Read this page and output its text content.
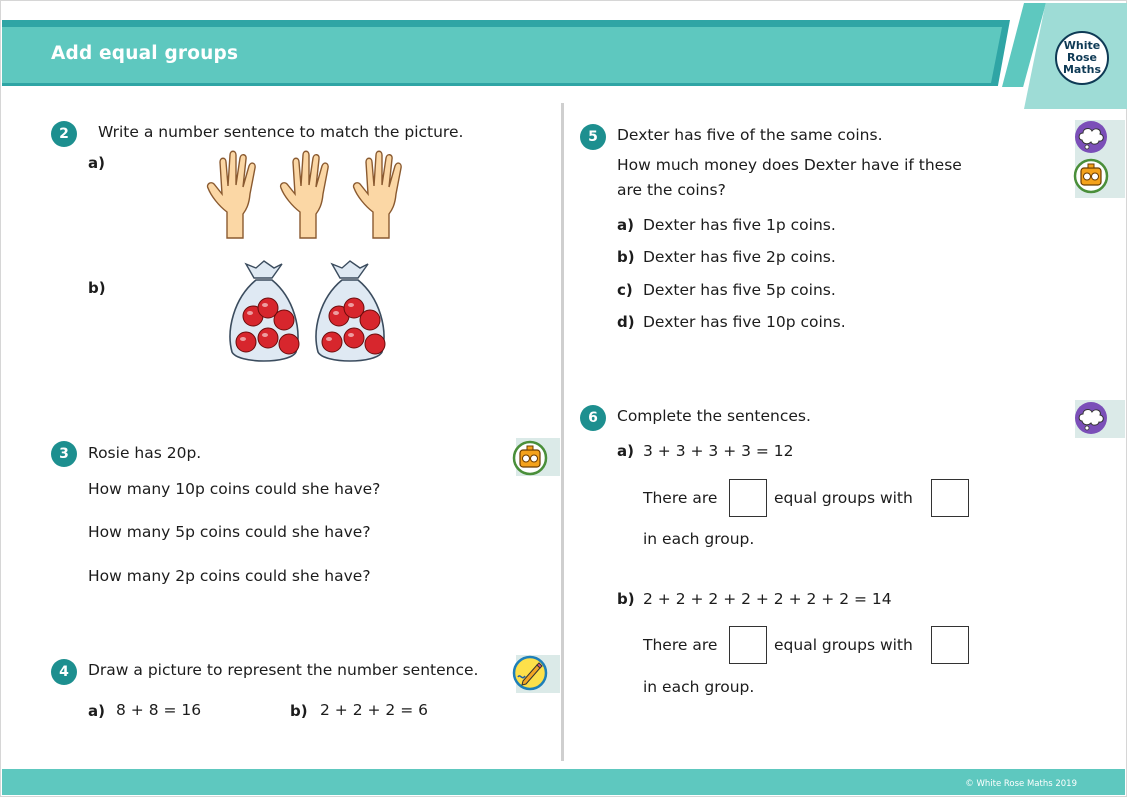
Add equal groups	White
Rose
Maths
2	Write a number sentence to match the picture.
a)
b)
3	Rosie has 20p.
How many 10p coins could she have?
How many 5p coins could she have?
How many 2p coins could she have?
4	Draw a picture to represent the number sentence.
a) 8 + 8 = 16	b) 2 + 2 + 2 = 6
5	Dexter has five of the same coins.
How much money does Dexter have if these
are the coins?
a) Dexter has five 1p coins.
b) Dexter has five 2p coins.
c) Dexter has five 5p coins.
d) Dexter has five 10p coins.
6	Complete the sentences.
a) 3 + 3 + 3 + 3 = 12
There are	equal groups with
in each group.
b) 2 + 2 + 2 + 2 + 2 + 2 + 2 = 14
There are	equal groups with
in each group.
© White Rose Maths 2019
